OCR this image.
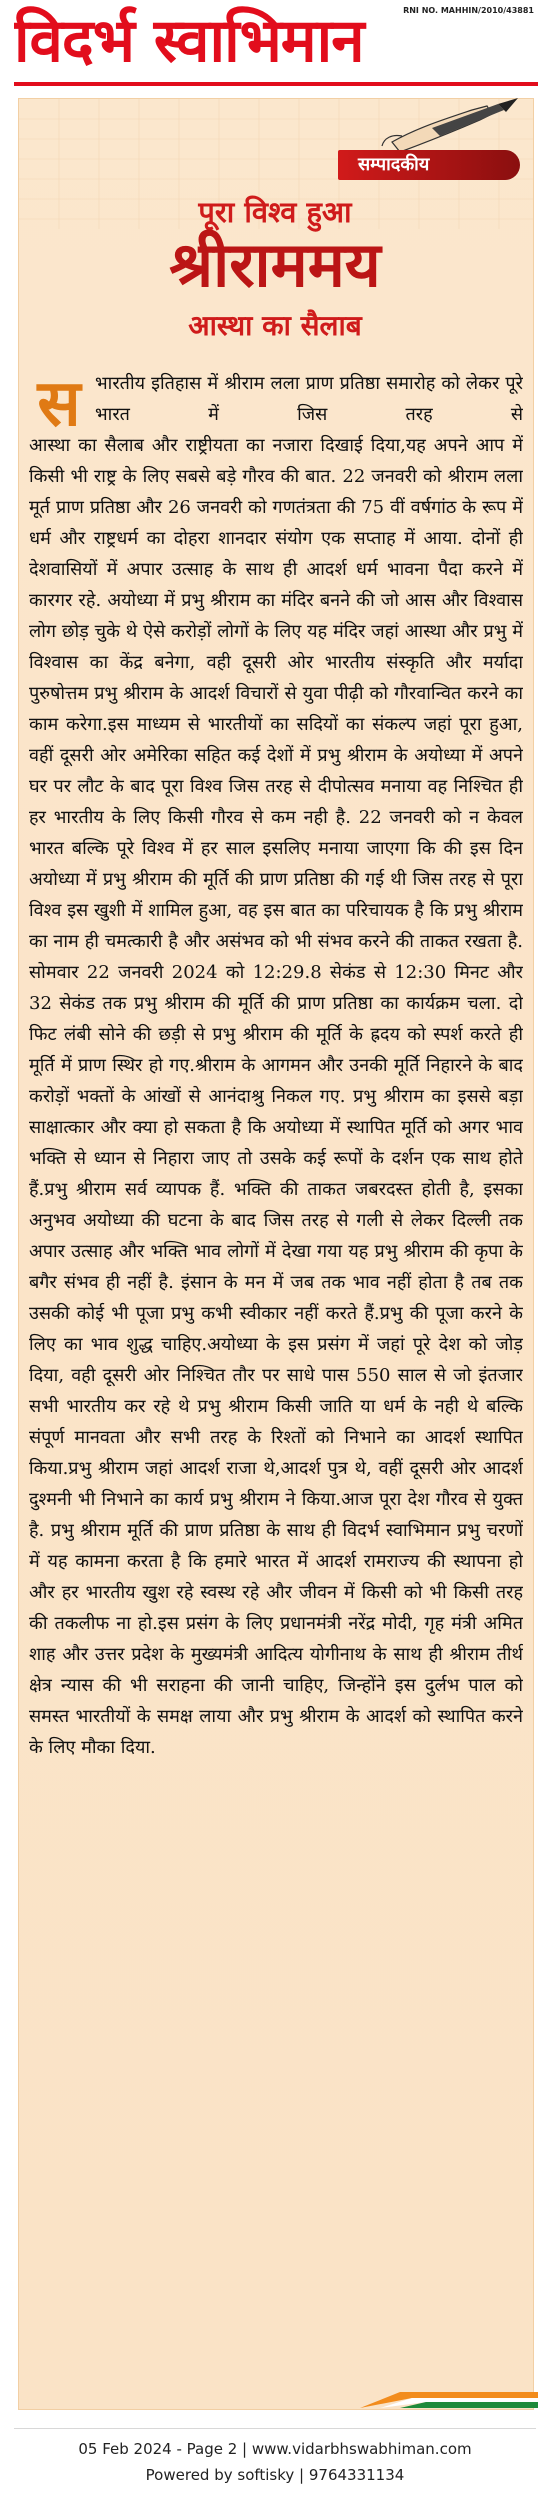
विदर्भ स्वाभिमान	RNI NO. MAHHIN/2010/43881
सम्पादकीय
पूरा विश्व हुआ
श्रीराममय
आस्था का सैलाब
स भारतीय इतिहास में श्रीराम लला प्राण प्रतिष्ठा समारोह को लेकर पूरे भारत में जिस तरह से
आस्था का सैलाब और राष्ट्रीयता का नजारा दिखाई दिया,यह अपने आप में किसी भी राष्ट्र के लिए सबसे बड़े गौरव की बात. 22 जनवरी को श्रीराम लला मूर्त प्राण प्रतिष्ठा और 26 जनवरी को गणतंत्रता की 75 वीं वर्षगांठ के रूप में धर्म और राष्ट्रधर्म का दोहरा शानदार संयोग एक सप्ताह में आया. दोनों ही देशवासियों में अपार उत्साह के साथ ही आदर्श धर्म भावना पैदा करने में कारगर रहे. अयोध्या में प्रभु श्रीराम का मंदिर बनने की जो आस और विश्वास लोग छोड़ चुके थे ऐसे करोड़ों लोगों के लिए यह मंदिर जहां आस्था और प्रभु में विश्वास का केंद्र बनेगा, वही दूसरी ओर भारतीय संस्कृति और मर्यादा पुरुषोत्तम प्रभु श्रीराम के आदर्श विचारों से युवा पीढ़ी को गौरवान्वित करने का काम करेगा.इस माध्यम से भारतीयों का सदियों का संकल्प जहां पूरा हुआ, वहीं दूसरी ओर अमेरिका सहित कई देशों में प्रभु श्रीराम के अयोध्या में अपने घर पर लौट के बाद पूरा विश्व जिस तरह से दीपोत्सव मनाया वह निश्चित ही हर भारतीय के लिए किसी गौरव से कम नही है. 22 जनवरी को न केवल भारत बल्कि पूरे विश्व में हर साल इसलिए मनाया जाएगा कि की इस दिन अयोध्या में प्रभु श्रीराम की मूर्ति की प्राण प्रतिष्ठा की गई थी जिस तरह से पूरा विश्व इस खुशी में शामिल हुआ, वह इस बात का परिचायक है कि प्रभु श्रीराम का नाम ही चमत्कारी है और असंभव को भी संभव करने की ताकत रखता है. सोमवार 22 जनवरी 2024 को 12:29.8 सेकंड से 12:30 मिनट और 32 सेकंड तक प्रभु श्रीराम की मूर्ति की प्राण प्रतिष्ठा का कार्यक्रम चला. दो फिट लंबी सोने की छड़ी से प्रभु श्रीराम की मूर्ति के ह्रदय को स्पर्श करते ही मूर्ति में प्राण स्थिर हो गए.श्रीराम के आगमन और उनकी मूर्ति निहारने के बाद करोड़ों भक्तों के आंखों से आनंदाश्रु निकल गए. प्रभु श्रीराम का इससे बड़ा साक्षात्कार और क्या हो सकता है कि अयोध्या में स्थापित मूर्ति को अगर भाव भक्ति से ध्यान से निहारा जाए तो उसके कई रूपों के दर्शन एक साथ होते हैं.प्रभु श्रीराम सर्व व्यापक हैं. भक्ति की ताकत जबरदस्त होती है, इसका अनुभव अयोध्या की घटना के बाद जिस तरह से गली से लेकर दिल्ली तक अपार उत्साह और भक्ति भाव लोगों में देखा गया यह प्रभु श्रीराम की कृपा के बगैर संभव ही नहीं है. इंसान के मन में जब तक भाव नहीं होता है तब तक उसकी कोई भी पूजा प्रभु कभी स्वीकार नहीं करते हैं.प्रभु की पूजा करने के लिए का भाव शुद्ध चाहिए.अयोध्या के इस प्रसंग में जहां पूरे देश को जोड़ दिया, वही दूसरी ओर निश्चित तौर पर साधे पास 550 साल से जो इंतजार सभी भारतीय कर रहे थे प्रभु श्रीराम किसी जाति या धर्म के नही थे बल्कि संपूर्ण मानवता और सभी तरह के रिश्तों को निभाने का आदर्श स्थापित किया.प्रभु श्रीराम जहां आदर्श राजा थे,आदर्श पुत्र थे, वहीं दूसरी ओर आदर्श दुश्मनी भी निभाने का कार्य प्रभु श्रीराम ने किया.आज पूरा देश गौरव से युक्त है. प्रभु श्रीराम मूर्ति की प्राण प्रतिष्ठा के साथ ही विदर्भ स्वाभिमान प्रभु चरणों में यह कामना करता है कि हमारे भारत में आदर्श रामराज्य की स्थापना हो और हर भारतीय खुश रहे स्वस्थ रहे और जीवन में किसी को भी किसी तरह की तकलीफ ना हो.इस प्रसंग के लिए प्रधानमंत्री नरेंद्र मोदी, गृह मंत्री अमित शाह और उत्तर प्रदेश के मुख्यमंत्री आदित्य योगीनाथ के साथ ही श्रीराम तीर्थ क्षेत्र न्यास की भी सराहना की जानी चाहिए, जिन्होंने इस दुर्लभ पाल को समस्त भारतीयों के समक्ष लाया और प्रभु श्रीराम के आदर्श को स्थापित करने के लिए मौका दिया.
05 Feb 2024 - Page 2 | www.vidarbhswabhiman.com
Powered by softisky | 9764331134
